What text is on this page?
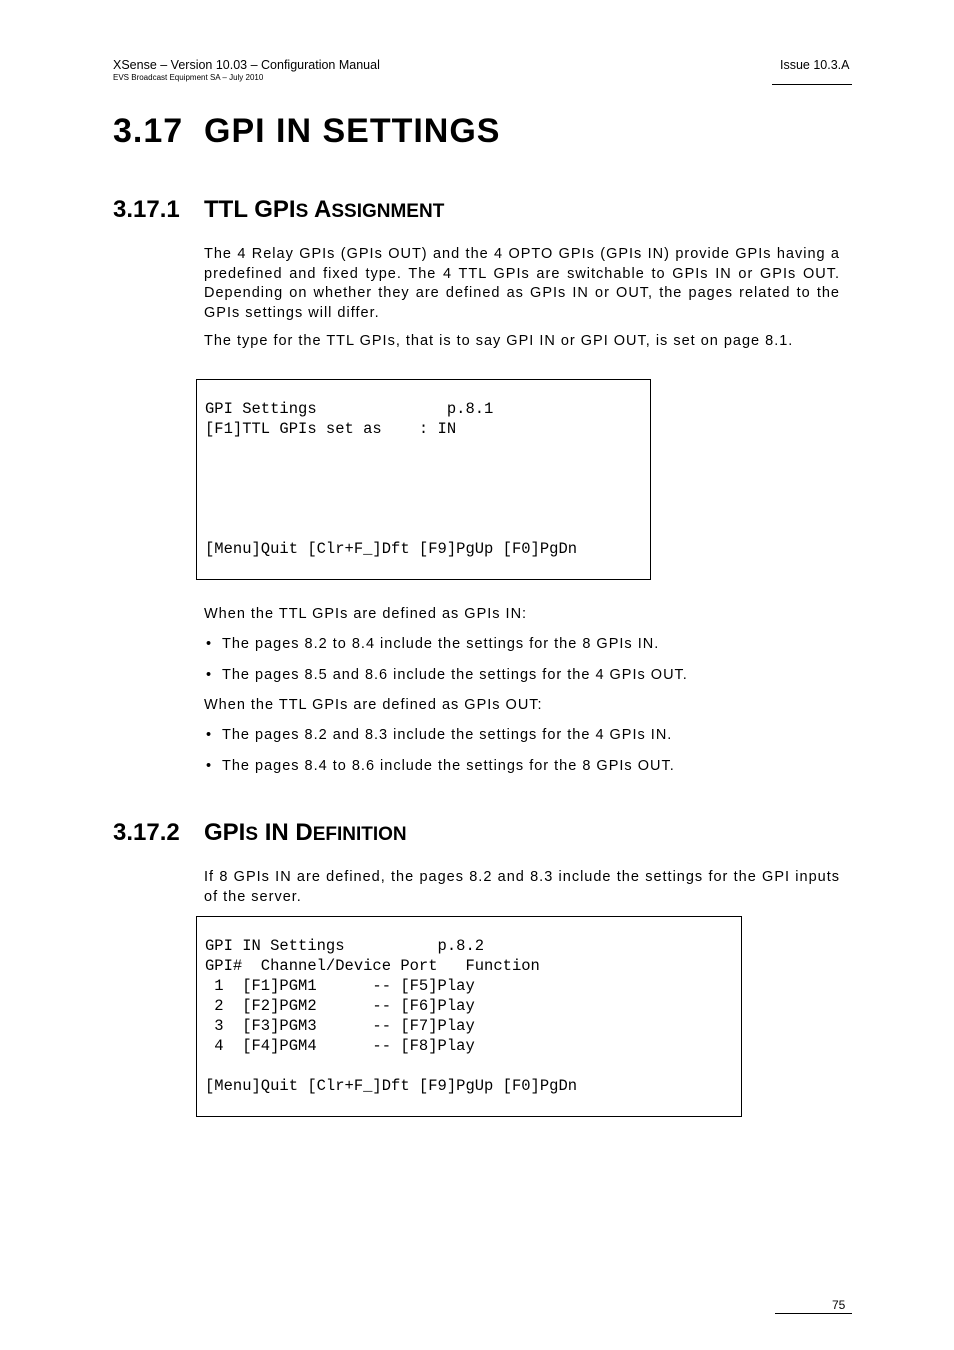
XSense – Version 10.03 – Configuration Manual
EVS Broadcast Equipment SA – July 2010
Issue 10.3.A
3.17 GPI IN SETTINGS
3.17.1 TTL GPIS ASSIGNMENT
The 4 Relay GPIs (GPIs OUT) and the 4 OPTO GPIs (GPIs IN) provide GPIs having a predefined and fixed type. The 4 TTL GPIs are switchable to GPIs IN or GPIs OUT. Depending on whether they are defined as GPIs IN or OUT, the pages related to the GPIs settings will differ.
The type for the TTL GPIs, that is to say GPI IN or GPI OUT, is set on page 8.1.
GPI Settings              p.8.1
[F1]TTL GPIs set as    : IN
[Menu]Quit [Clr+F_]Dft [F9]PgUp [F0]PgDn
When the TTL GPIs are defined as GPIs IN:
• The pages 8.2 to 8.4 include the settings for the 8 GPIs IN.
• The pages 8.5 and 8.6 include the settings for the 4 GPIs OUT.
When the TTL GPIs are defined as GPIs OUT:
• The pages 8.2 and 8.3 include the settings for the 4 GPIs IN.
• The pages 8.4 to 8.6 include the settings for the 8 GPIs OUT.
3.17.2 GPIS IN DEFINITION
If 8 GPIs IN are defined, the pages 8.2 and 8.3 include the settings for the GPI inputs of the server.
GPI IN Settings          p.8.2
GPI#  Channel/Device Port   Function
1  [F1]PGM1      -- [F5]Play
2  [F2]PGM2      -- [F6]Play
3  [F3]PGM3      -- [F7]Play
4  [F4]PGM4      -- [F8]Play
[Menu]Quit [Clr+F_]Dft [F9]PgUp [F0]PgDn
75
